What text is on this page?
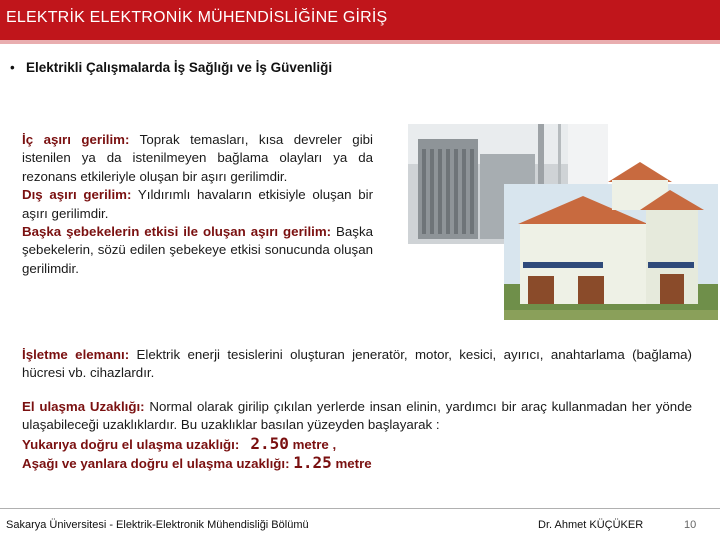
ELEKTRİK ELEKTRONİK MÜHENDİSLİĞİNE GİRİŞ
• Elektrikli Çalışmalarda İş Sağlığı ve İş Güvenliği

İç aşırı gerilim: Toprak temasları, kısa devreler gibi istenilen ya da istenilmeyen bağlama olayları ya da rezonans etkileriyle oluşan bir aşırı gerilimdir.

Dış aşırı gerilim: Yıldırımlı havaların etkisiyle oluşan bir aşırı gerilimdir.

Başka şebekelerin etkisi ile oluşan aşırı gerilim: Başka şebekelerin, sözü edilen şebekeye etkisi sonucunda oluşan gerilimdir.

İşletme elemanı: Elektrik enerji tesislerini oluşturan jeneratör, motor, kesici, ayırıcı, anahtarlama (bağlama) hücresi vb. cihazlardır.

El ulaşma Uzaklığı: Normal olarak girilip çıkılan yerlerde insan elinin, yardımcı bir araç kullanmadan her yönde ulaşabileceği uzaklıklardır. Bu uzaklıklar basılan yüzeyden başlayarak :

Yukarıya doğru el ulaşma uzaklığı: 2.50 metre ,

Aşağı ve yanlara doğru el ulaşma uzaklığı: 1.25 metre

Sakarya Üniversitesi - Elektrik-Elektronik Mühendisliği Bölümü	Dr. Ahmet KÜÇÜKER	10
